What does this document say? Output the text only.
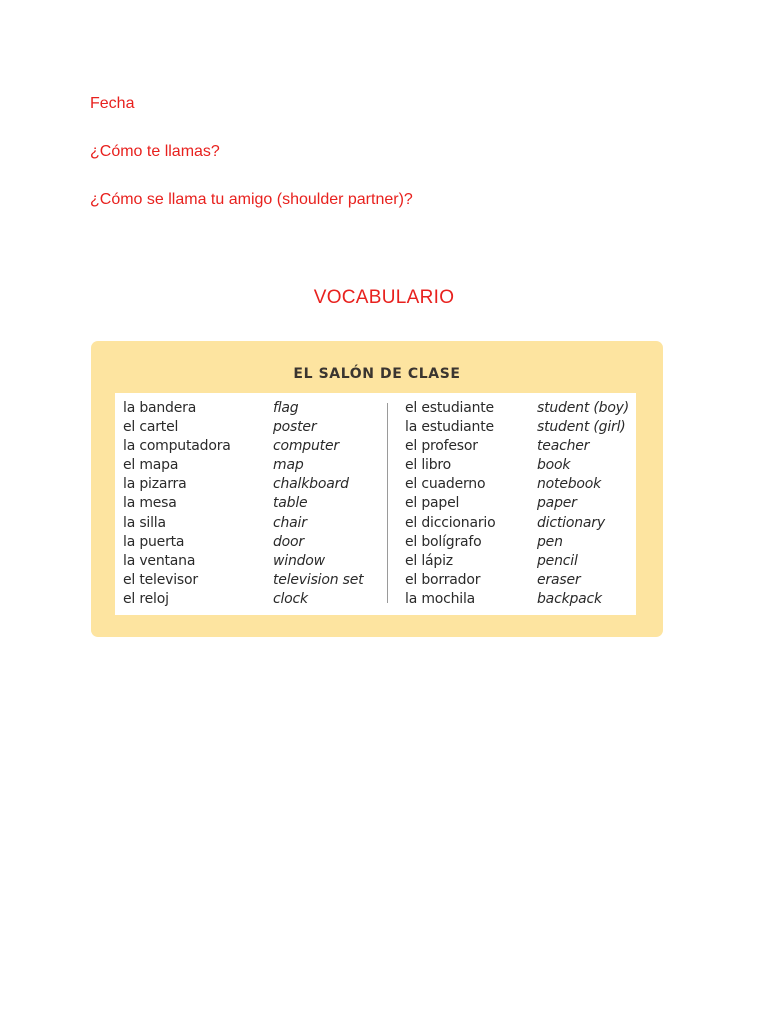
Fecha
¿Cómo te llamas?
¿Cómo se llama tu amigo (shoulder partner)?
VOCABULARIO
EL SALÓN DE CLASE
la bandera
el cartel
la computadora
el mapa
la pizarra
la mesa
la silla
la puerta
la ventana
el televisor
el reloj
flag
poster
computer
map
chalkboard
table
chair
door
window
television set
clock
el estudiante
la estudiante
el profesor
el libro
el cuaderno
el papel
el diccionario
el bolígrafo
el lápiz
el borrador
la mochila
student (boy)
student (girl)
teacher
book
notebook
paper
dictionary
pen
pencil
eraser
backpack
